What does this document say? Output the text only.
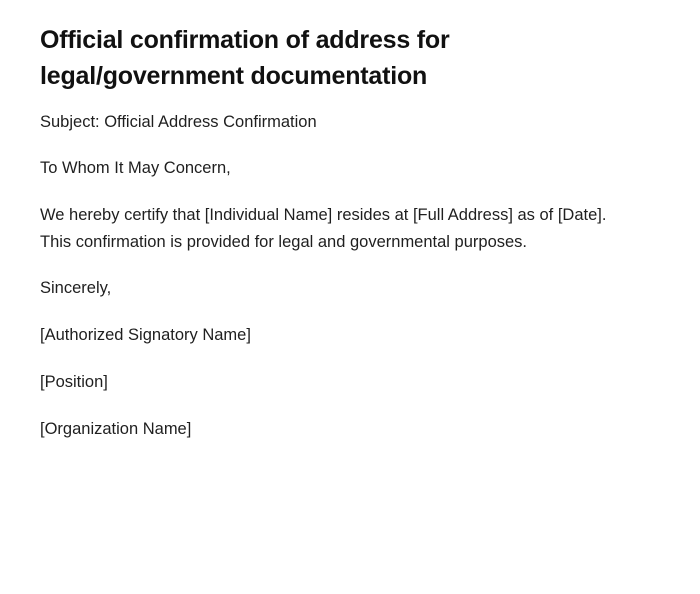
Official confirmation of address for legal/government documentation

Subject: Official Address Confirmation

To Whom It May Concern,

We hereby certify that [Individual Name] resides at [Full Address] as of [Date]. This confirmation is provided for legal and governmental purposes.

Sincerely,

[Authorized Signatory Name]

[Position]

[Organization Name]
